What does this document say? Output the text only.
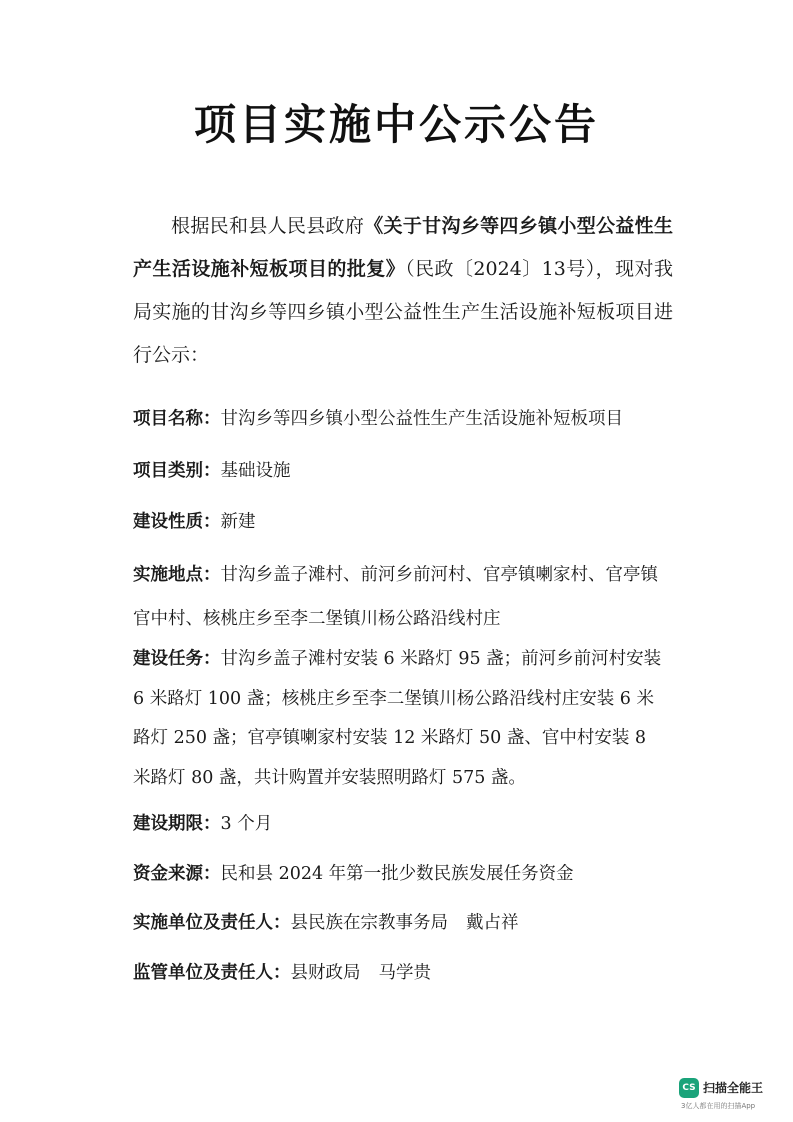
项目实施中公示公告
根据民和县人民县政府《关于甘沟乡等四乡镇小型公益性生产生活设施补短板项目的批复》（民政〔2024〕13号），现对我局实施的甘沟乡等四乡镇小型公益性生产生活设施补短板项目进行公示：
项目名称：甘沟乡等四乡镇小型公益性生产生活设施补短板项目
项目类别：基础设施
建设性质：新建
实施地点：甘沟乡盖子滩村、前河乡前河村、官亭镇喇家村、官亭镇官中村、核桃庄乡至李二堡镇川杨公路沿线村庄
建设任务：甘沟乡盖子滩村安装 6 米路灯 95 盏；前河乡前河村安装 6 米路灯 100 盏；核桃庄乡至李二堡镇川杨公路沿线村庄安装 6 米路灯 250 盏；官亭镇喇家村安装 12 米路灯 50 盏、官中村安装 8 米路灯 80 盏，共计购置并安装照明路灯 575 盏。
建设期限：3 个月
资金来源：民和县 2024 年第一批少数民族发展任务资金
实施单位及责任人：县民族在宗教事务局 戴占祥
监管单位及责任人：县财政局 马学贵
CS 扫描全能王
3亿人都在用的扫描App
